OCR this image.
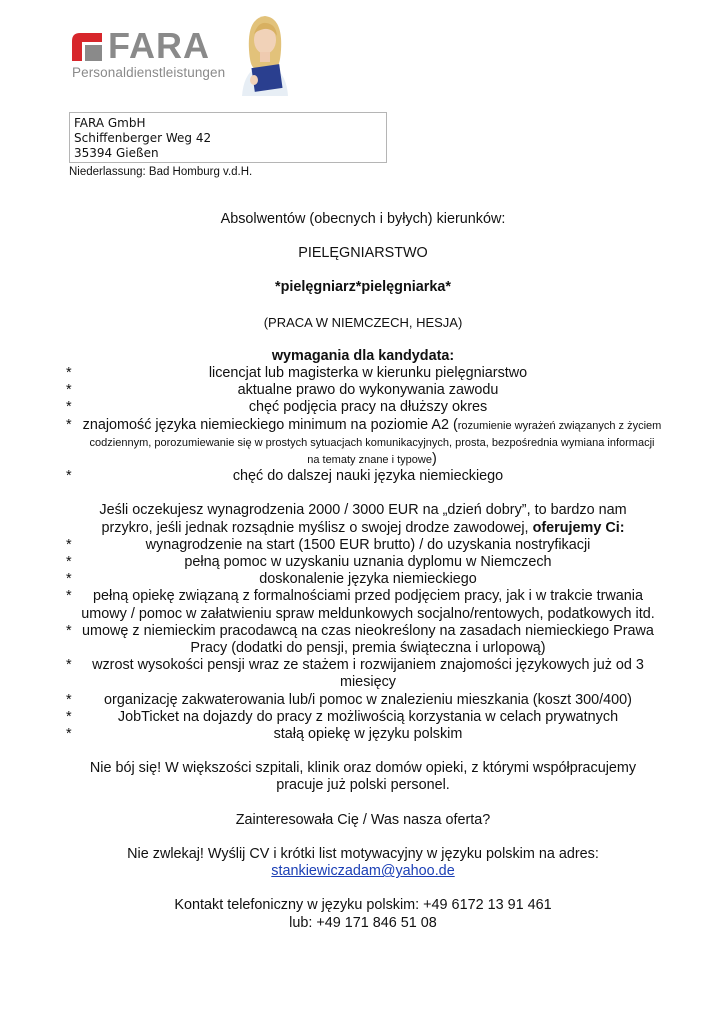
FARA
Personaldienstleistungen
FARA GmbH
Schiffenberger Weg 42
35394 Gießen
Niederlassung: Bad Homburg v.d.H.
Absolwentów (obecnych i byłych) kierunków:
PIELĘGNIARSTWO
*pielęgniarz*pielęgniarka*
(PRACA W NIEMCZECH, HESJA)
wymagania dla kandydata:
*	licencjat lub magisterka w kierunku pielęgniarstwo
*	aktualne prawo do wykonywania zawodu
*	chęć podjęcia pracy na dłuższy okres
* znajomość języka niemieckiego minimum na poziomie A2 (rozumienie wyrażeń związanych z życiem codziennym, porozumiewanie się w prostych sytuacjach komunikacyjnych, prosta, bezpośrednia wymiana informacji na tematy znane i typowe)
*	chęć do dalszej nauki języka niemieckiego
Jeśli oczekujesz wynagrodzenia 2000 / 3000 EUR na „dzień dobry”, to bardzo nam przykro, jeśli jednak rozsądnie myślisz o swojej drodze zawodowej, oferujemy Ci:
*	wynagrodzenie na start (1500 EUR brutto) / do uzyskania nostryfikacji
*	pełną pomoc w uzyskaniu uznania dyplomu w Niemczech
*	doskonalenie języka niemieckiego
* pełną opiekę związaną z formalnościami przed podjęciem pracy, jak i w trakcie trwania umowy / pomoc w załatwieniu spraw meldunkowych socjalno/rentowych, podatkowych itd.
* umowę z niemieckim pracodawcą na czas nieokreślony na zasadach niemieckiego Prawa Pracy (dodatki do pensji, premia świąteczna i urlopową)
* wzrost wysokości pensji wraz ze stażem i rozwijaniem znajomości językowych już od 3 miesięcy
* organizację zakwaterowania lub/i pomoc w znalezieniu mieszkania (koszt 300/400)
*	JobTicket na dojazdy do pracy z możliwością korzystania w celach prywatnych
*	stałą opiekę w języku polskim
Nie bój się! W większości szpitali, klinik oraz domów opieki, z którymi współpracujemy pracuje już polski personel.
Zainteresowała Cię / Was nasza oferta?
Nie zwlekaj! Wyślij CV i krótki list motywacyjny w języku polskim na adres:
stankiewiczadam@yahoo.de
Kontakt telefoniczny w języku polskim: +49 6172 13 91 461
lub: +49 171 846 51 08
